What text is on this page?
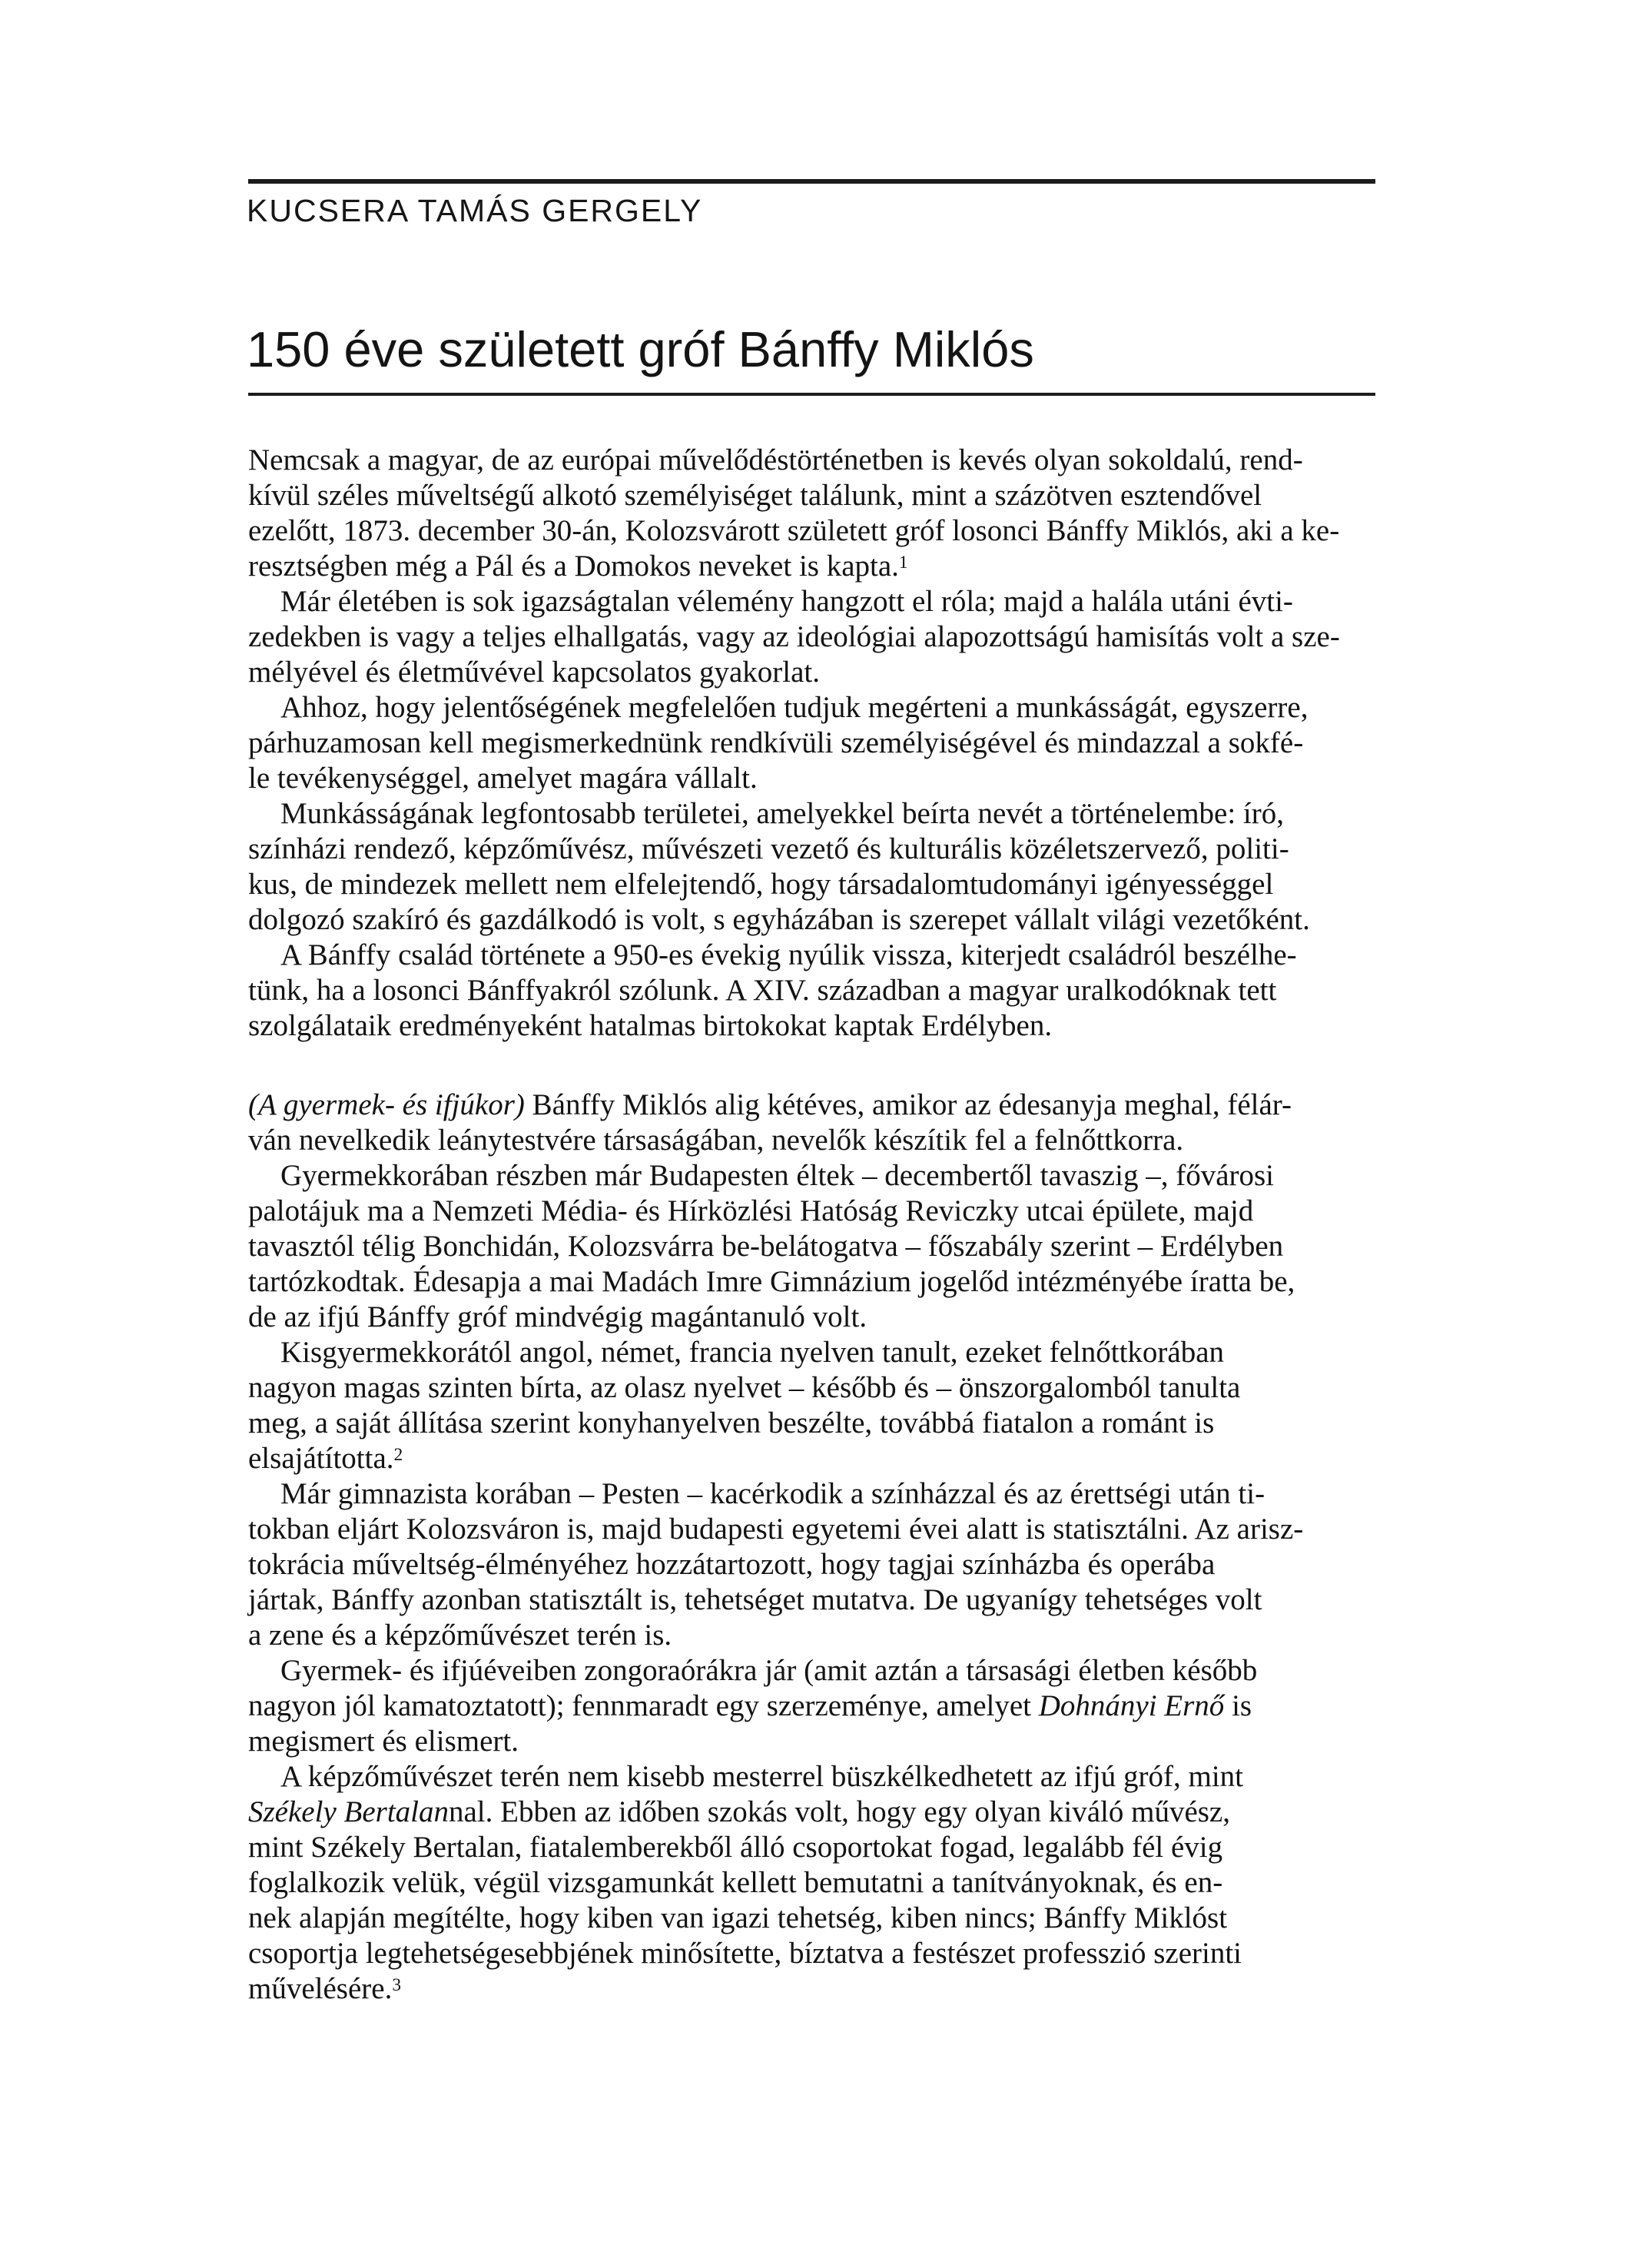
KUCSERA TAMÁS GERGELY
150 éve született gróf Bánffy Miklós
Nemcsak a magyar, de az európai művelődéstörténetben is kevés olyan sokoldalú, rend-
kívül széles műveltségű alkotó személyiséget találunk, mint a százötven esztendővel
ezelőtt, 1873. december 30-án, Kolozsvárott született gróf losonci Bánffy Miklós, aki a ke-
resztségben még a Pál és a Domokos neveket is kapta.$^1$
Már életében is sok igazságtalan vélemény hangzott el róla; majd a halála utáni évti-
zedekben is vagy a teljes elhallgatás, vagy az ideológiai alapozottságú hamisítás volt a sze-
mélyével és életművével kapcsolatos gyakorlat.
Ahhoz, hogy jelentőségének megfelelően tudjuk megérteni a munkásságát, egyszerre,
párhuzamosan kell megismerkednünk rendkívüli személyiségével és mindazzal a sokfé-
le tevékenységgel, amelyet magára vállalt.
Munkásságának legfontosabb területei, amelyekkel beírta nevét a történelembe: író,
színházi rendező, képzőművész, művészeti vezető és kulturális közéletszervező, politi-
kus, de mindezek mellett nem elfelejtendő, hogy társadalomtudományi igényességgel
dolgozó szakíró és gazdálkodó is volt, s egyházában is szerepet vállalt világi vezetőként.
A Bánffy család története a 950-es évekig nyúlik vissza, kiterjedt családról beszélhe-
tünk, ha a losonci Bánffyakról szólunk. A XIV. században a magyar uralkodóknak tett
szolgálataik eredményeként hatalmas birtokokat kaptak Erdélyben.
(A gyermek- és ifjúkor) Bánffy Miklós alig kétéves, amikor az édesanyja meghal, félár-
ván nevelkedik leánytestvére társaságában, nevelők készítik fel a felnőttkorra.
Gyermekkorában részben már Budapesten éltek – decembertől tavaszig –, fővárosi
palotájuk ma a Nemzeti Média- és Hírközlési Hatóság Reviczky utcai épülete, majd
tavasztól télig Bonchidán, Kolozsvárra be-belátogatva – főszabály szerint – Erdélyben
tartózkodtak. Édesapja a mai Madách Imre Gimnázium jogelőd intézményébe íratta be,
de az ifjú Bánffy gróf mindvégig magántanuló volt.
Kisgyermekkorától angol, német, francia nyelven tanult, ezeket felnőttkorában
nagyon magas szinten bírta, az olasz nyelvet – később és – önszorgalomból tanulta
meg, a saját állítása szerint konyhanyelven beszélte, továbbá fiatalon a románt is
elsajátította.$^2$
Már gimnazista korában – Pesten – kacérkodik a színházzal és az érettségi után ti-
tokban eljárt Kolozsváron is, majd budapesti egyetemi évei alatt is statisztálni. Az arisz-
tokrácia műveltség-élményéhez hozzátartozott, hogy tagjai színházba és operába
jártak, Bánffy azonban statisztált is, tehetséget mutatva. De ugyanígy tehetséges volt
a zene és a képzőművészet terén is.
Gyermek- és ifjúéveiben zongoraórákra jár (amit aztán a társasági életben később
nagyon jól kamatoztatott); fennmaradt egy szerzeménye, amelyet Dohnányi Ernő is
megismert és elismert.
A képzőművészet terén nem kisebb mesterrel büszkélkedhetett az ifjú gróf, mint
Székely Bertalannal. Ebben az időben szokás volt, hogy egy olyan kiváló művész,
mint Székely Bertalan, fiatalemberekből álló csoportokat fogad, legalább fél évig
foglalkozik velük, végül vizsgamunkát kellett bemutatni a tanítványoknak, és en-
nek alapján megítélte, hogy kiben van igazi tehetség, kiben nincs; Bánffy Miklóst
csoportja legtehetségesebbjének minősítette, bíztatva a festészet professzió szerinti
művelésére.$^3$
